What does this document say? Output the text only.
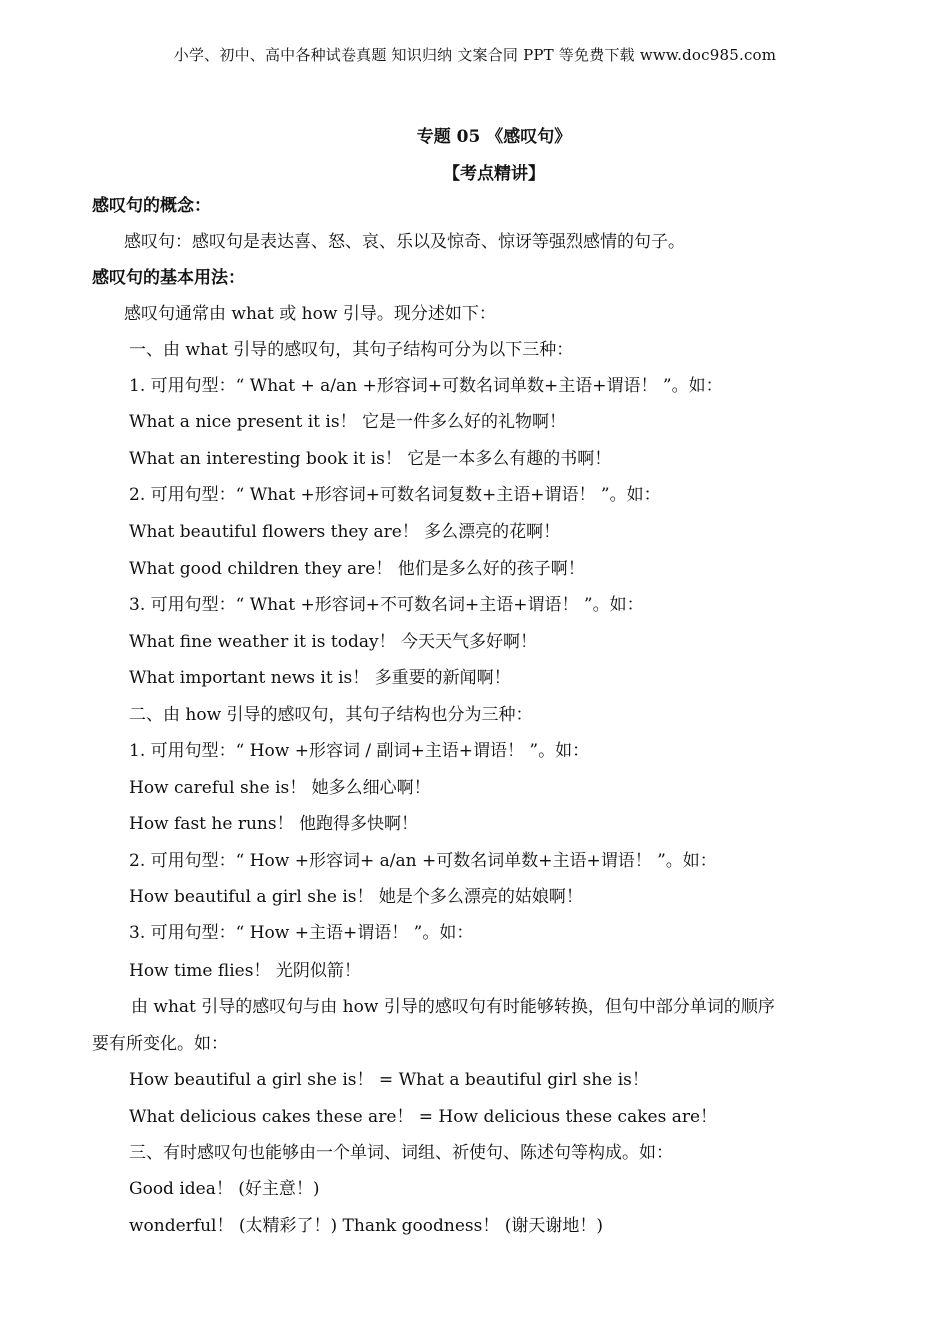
小学、初中、高中各种试卷真题 知识归纳 文案合同 PPT 等免费下载 www.doc985.com
专题 05 《感叹句》
【考点精讲】
感叹句的概念：
感叹句：感叹句是表达喜、怒、哀、乐以及惊奇、惊讶等强烈感情的句子。
感叹句的基本用法：
感叹句通常由 what 或 how 引导。现分述如下：
一、由 what 引导的感叹句，其句子结构可分为以下三种：
1. 可用句型：“ What + a/an +形容词+可数名词单数+主语+谓语！ ”。如：
What a nice present it is！ 它是一件多么好的礼物啊！
What an interesting book it is！ 它是一本多么有趣的书啊！
2. 可用句型：“ What +形容词+可数名词复数+主语+谓语！ ”。如：
What beautiful flowers they are！ 多么漂亮的花啊！
What good children they are！ 他们是多么好的孩子啊！
3. 可用句型：“ What +形容词+不可数名词+主语+谓语！ ”。如：
What fine weather it is today！ 今天天气多好啊！
What important news it is！ 多重要的新闻啊！
二、由 how 引导的感叹句，其句子结构也分为三种：
1. 可用句型：“ How +形容词 / 副词+主语+谓语！ ”。如：
How careful she is！ 她多么细心啊！
How fast he runs！ 他跑得多快啊！
2. 可用句型：“ How +形容词+ a/an +可数名词单数+主语+谓语！ ”。如：
How beautiful a girl she is！ 她是个多么漂亮的姑娘啊！
3. 可用句型：“ How +主语+谓语！ ”。如：
How time flies！ 光阴似箭！
由 what 引导的感叹句与由 how 引导的感叹句有时能够转换，但句中部分单词的顺序
要有所变化。如：
How beautiful a girl she is！ = What a beautiful girl she is！
What delicious cakes these are！ = How delicious these cakes are！
三、有时感叹句也能够由一个单词、词组、祈使句、陈述句等构成。如：
Good idea！ (好主意！)
wonderful！ (太精彩了！) Thank goodness！ (谢天谢地！)
